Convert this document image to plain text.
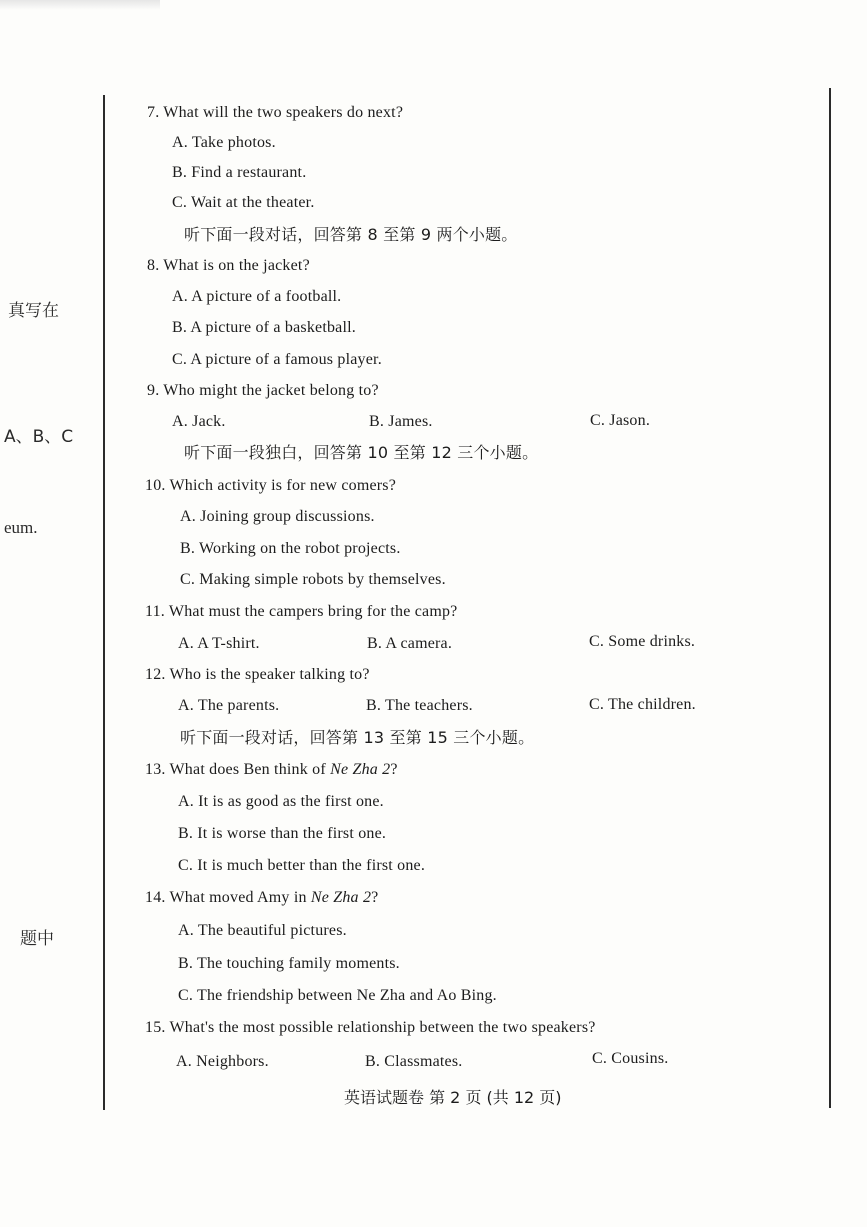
真写在
A、B、C
eum.
题中
7. What will the two speakers do next?
A. Take photos.
B. Find a restaurant.
C. Wait at the theater.
听下面一段对话，回答第 8 至第 9 两个小题。
8. What is on the jacket?
A. A picture of a football.
B. A picture of a basketball.
C. A picture of a famous player.
9. Who might the jacket belong to?
A. Jack.	B. James.	C. Jason.
听下面一段独白，回答第 10 至第 12 三个小题。
10. Which activity is for new comers?
A. Joining group discussions.
B. Working on the robot projects.
C. Making simple robots by themselves.
11. What must the campers bring for the camp?
A. A T-shirt.	B. A camera.	C. Some drinks.
12. Who is the speaker talking to?
A. The parents.	B. The teachers.	C. The children.
听下面一段对话，回答第 13 至第 15 三个小题。
13. What does Ben think of Ne Zha 2?
A. It is as good as the first one.
B. It is worse than the first one.
C. It is much better than the first one.
14. What moved Amy in Ne Zha 2?
A. The beautiful pictures.
B. The touching family moments.
C. The friendship between Ne Zha and Ao Bing.
15. What's the most possible relationship between the two speakers?
A. Neighbors.	B. Classmates.	C. Cousins.
英语试题卷 第 2 页 (共 12 页)
